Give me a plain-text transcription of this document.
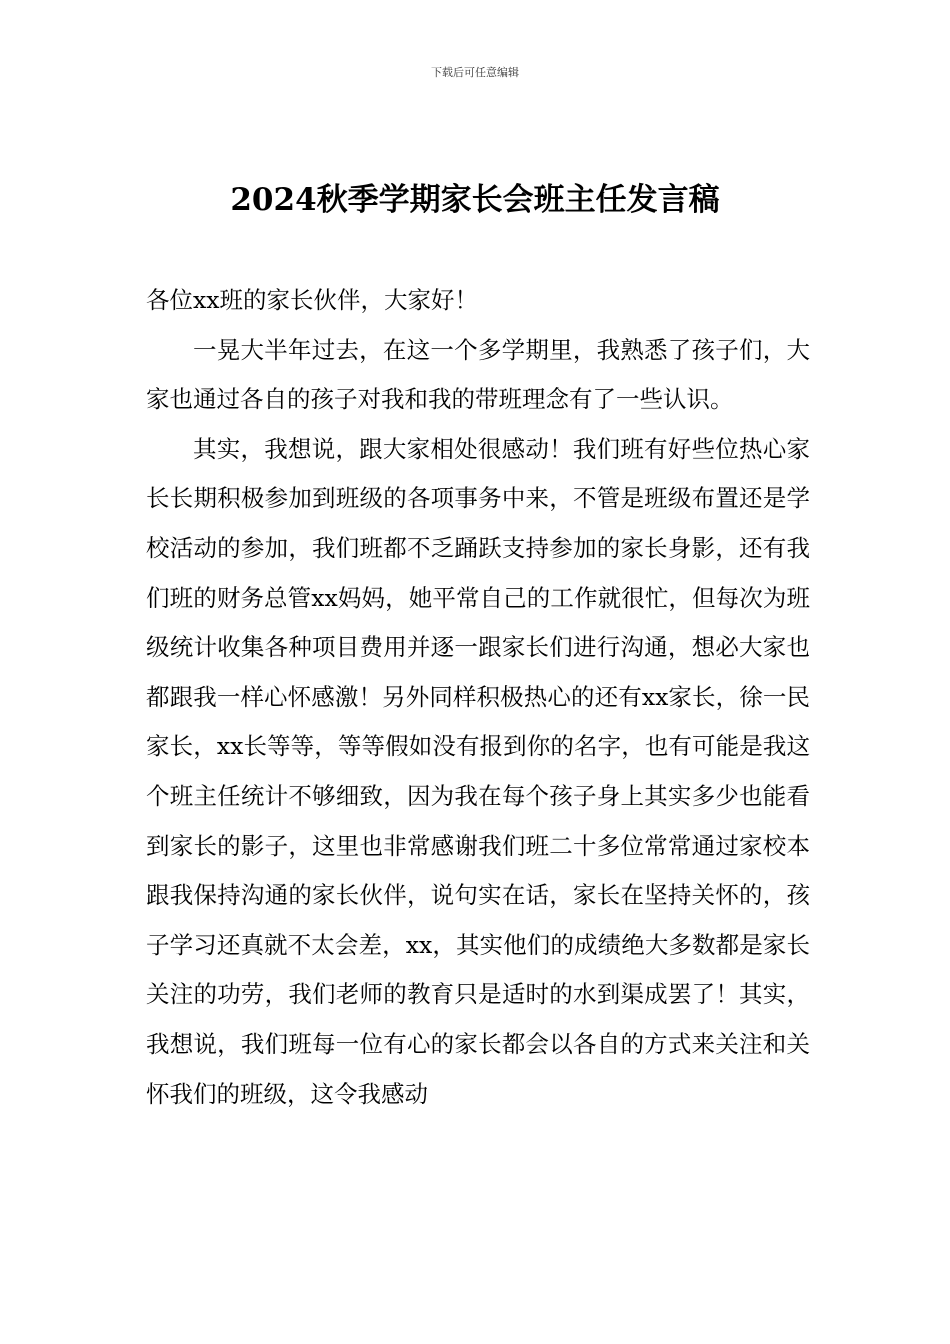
下载后可任意编辑
2024秋季学期家长会班主任发言稿

各位xx班的家长伙伴，大家好！

一晃大半年过去，在这一个多学期里，我熟悉了孩子们，大家也通过各自的孩子对我和我的带班理念有了一些认识。

其实，我想说，跟大家相处很感动！我们班有好些位热心家长长期积极参加到班级的各项事务中来，不管是班级布置还是学校活动的参加，我们班都不乏踊跃支持参加的家长身影，还有我们班的财务总管xx妈妈，她平常自己的工作就很忙，但每次为班级统计收集各种项目费用并逐一跟家长们进行沟通，想必大家也都跟我一样心怀感激！另外同样积极热心的还有xx家长，徐一民家长，xx长等等，等等假如没有报到你的名字，也有可能是我这个班主任统计不够细致，因为我在每个孩子身上其实多少也能看到家长的影子，这里也非常感谢我们班二十多位常常通过家校本跟我保持沟通的家长伙伴，说句实在话，家长在坚持关怀的，孩子学习还真就不太会差，xx，其实他们的成绩绝大多数都是家长关注的功劳，我们老师的教育只是适时的水到渠成罢了！其实，我想说，我们班每一位有心的家长都会以各自的方式来关注和关怀我们的班级，这令我感动
